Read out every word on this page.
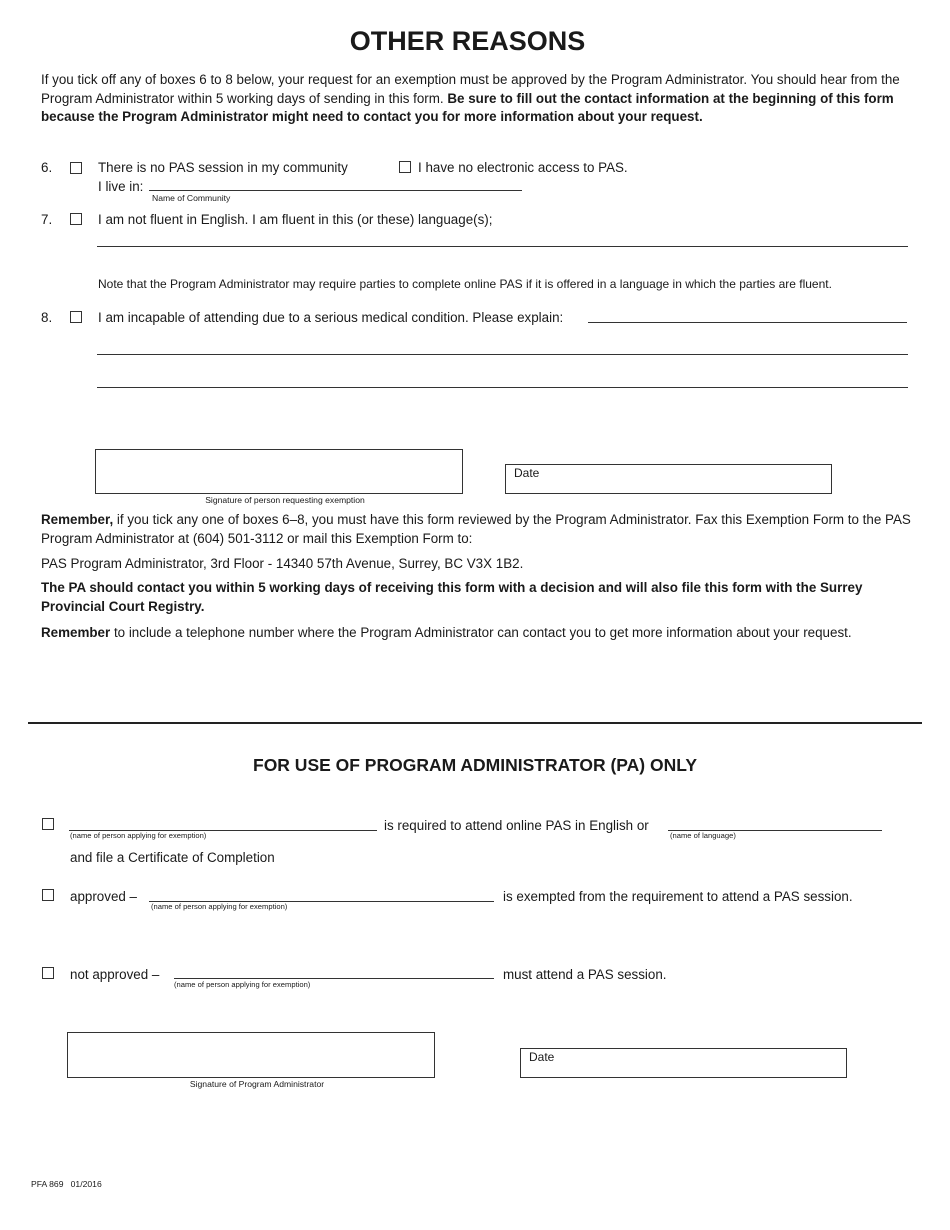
OTHER REASONS
If you tick off any of boxes 6 to 8 below, your request for an exemption must be approved by the Program Administrator. You should hear from the Program Administrator within 5 working days of sending in this form. Be sure to fill out the contact information at the beginning of this form because the Program Administrator might need to contact you for more information about your request.
6.	There is no PAS session in my community	I have no electronic access to PAS.
I live in:
Name of Community
7.	I am not fluent in English. I am fluent in this (or these) language(s);
Note that the Program Administrator may require parties to complete online PAS if it is offered in a language in which the parties are fluent.
8.	I am incapable of attending due to a serious medical condition. Please explain:
Signature of person requesting exemption
Date
Remember, if you tick any one of boxes 6–8, you must have this form reviewed by the Program Administrator. Fax this Exemption Form to the PAS Program Administrator at (604) 501-3112 or mail this Exemption Form to:
PAS Program Administrator, 3rd Floor - 14340 57th Avenue, Surrey, BC V3X 1B2.
The PA should contact you within 5 working days of receiving this form with a decision and will also file this form with the Surrey Provincial Court Registry.
Remember to include a telephone number where the Program Administrator can contact you to get more information about your request.
FOR USE OF PROGRAM ADMINISTRATOR (PA) ONLY
(name of person applying for exemption)
is required to attend online PAS in English or
(name of language)
and file a Certificate of Completion
approved –
(name of person applying for exemption)
is exempted from the requirement to attend a PAS session.
not approved –
(name of person applying for exemption)
must attend a PAS session.
Signature of Program Administrator
Date
PFA 869   01/2016
